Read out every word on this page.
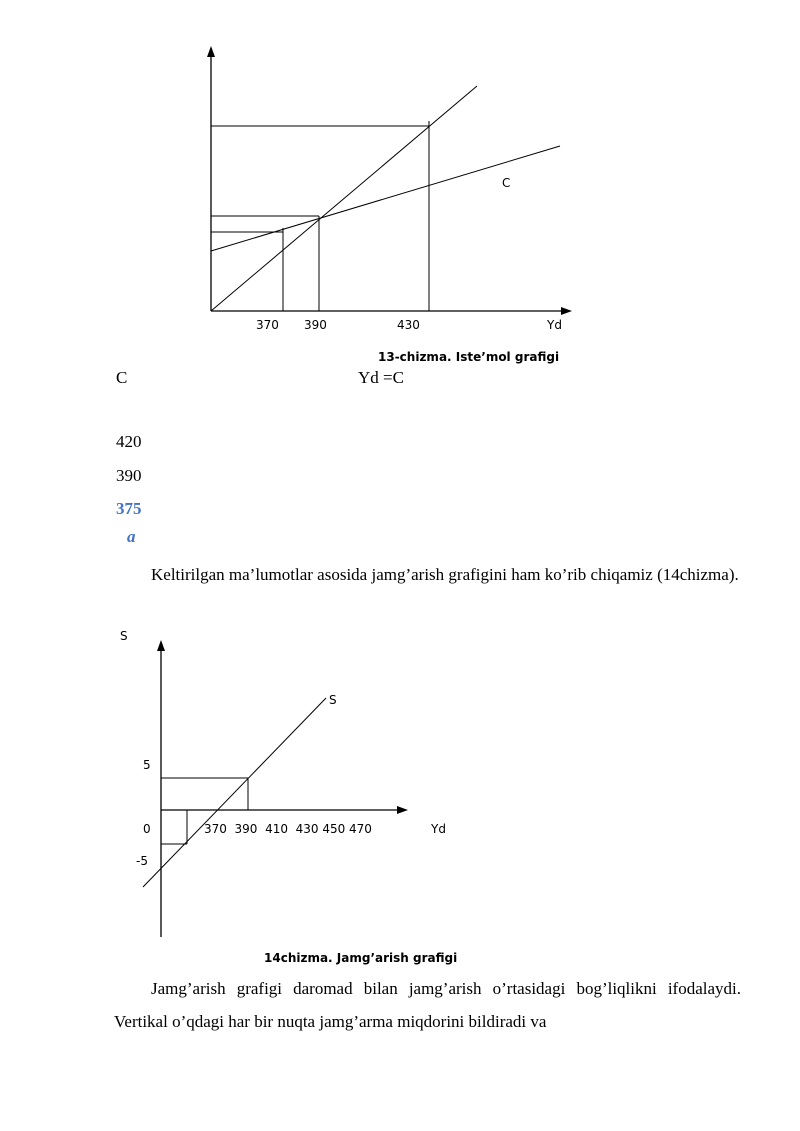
C
370 390	430	Yd
13-chizma. Iste’mol grafigi

C	Yd =C

420

390

375

a

Keltirilgan ma’lumotlar asosida jamg’arish grafigini ham ko’rib chiqamiz (14chizma).

S
S
5
0	370  390  410  430 450 470	Yd
-5
14chizma. Jamg’arish grafigi

Jamg’arish grafigi daromad bilan jamg’arish o’rtasidagi bog’liqlikni ifodalaydi. Vertikal o’qdagi har bir nuqta jamg’arma miqdorini bildiradi va
